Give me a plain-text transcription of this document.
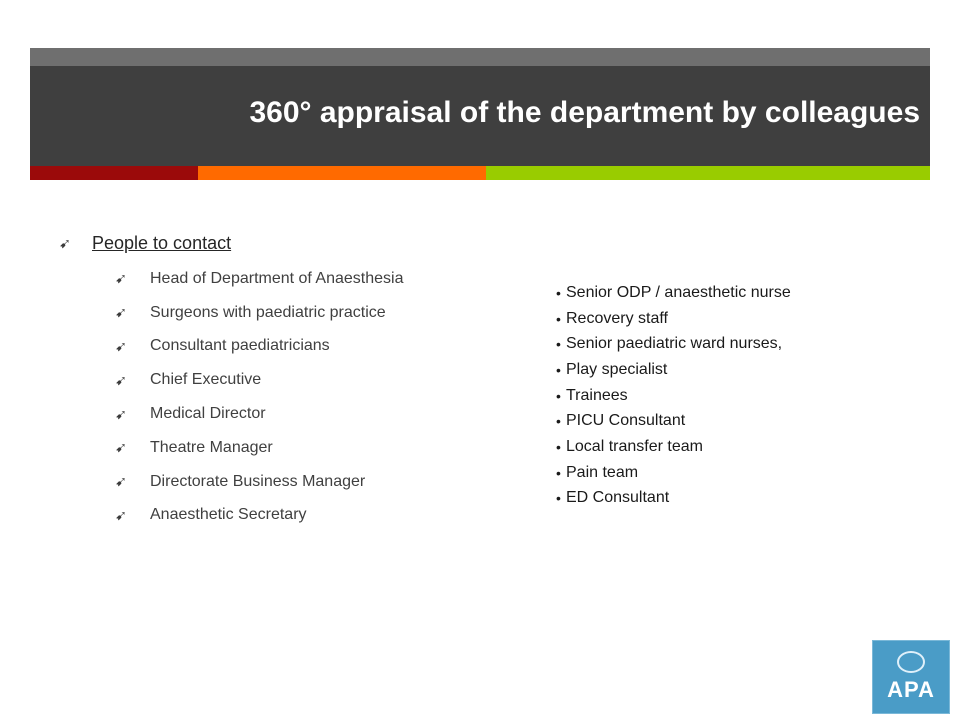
360° appraisal of the department by colleagues
➹ People to contact
➹ Head of Department of Anaesthesia
➹ Surgeons with paediatric practice
➹ Consultant paediatricians
➹ Chief Executive
➹ Medical Director
➹ Theatre Manager
➹ Directorate Business Manager
➹ Anaesthetic Secretary
• Senior ODP / anaesthetic nurse
• Recovery staff
• Senior paediatric ward nurses,
• Play specialist
• Trainees
• PICU Consultant
• Local transfer team
• Pain team
• ED Consultant
APA
